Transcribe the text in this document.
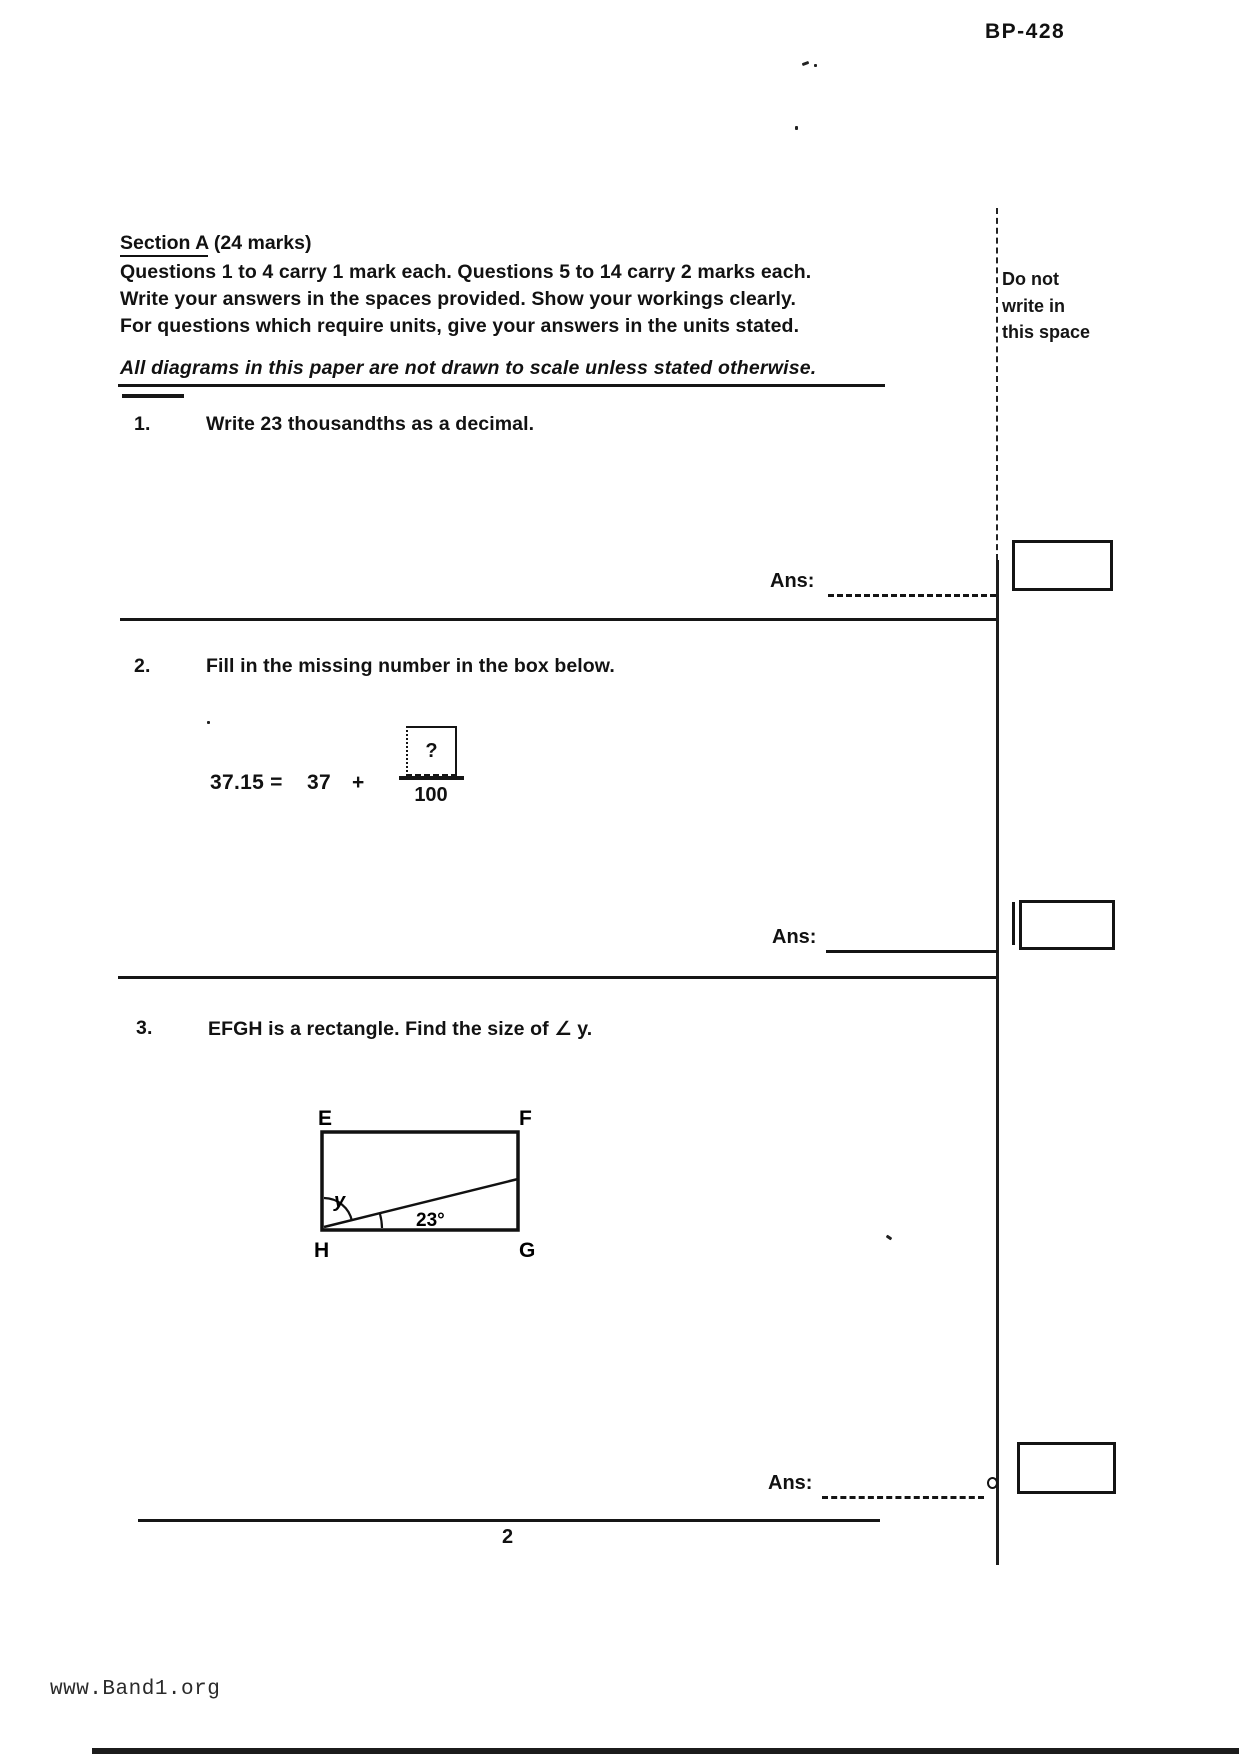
BP-428
Do not
write in
this space
Section A (24 marks)
Questions 1 to 4 carry 1 mark each. Questions 5 to 14 carry 2 marks each.
Write your answers in the spaces provided. Show your workings clearly.
For questions which require units, give your answers in the units stated.
All diagrams in this paper are not drawn to scale unless stated otherwise.
1.	Write 23 thousandths as a decimal.
Ans:
2.	Fill in the missing number in the box below.
37.15 = 37 +
?
100
Ans:
3.	EFGH is a rectangle. Find the size of ∠ y.
E	F
H	G
y
23°
Ans:
2
www.Band1.org
